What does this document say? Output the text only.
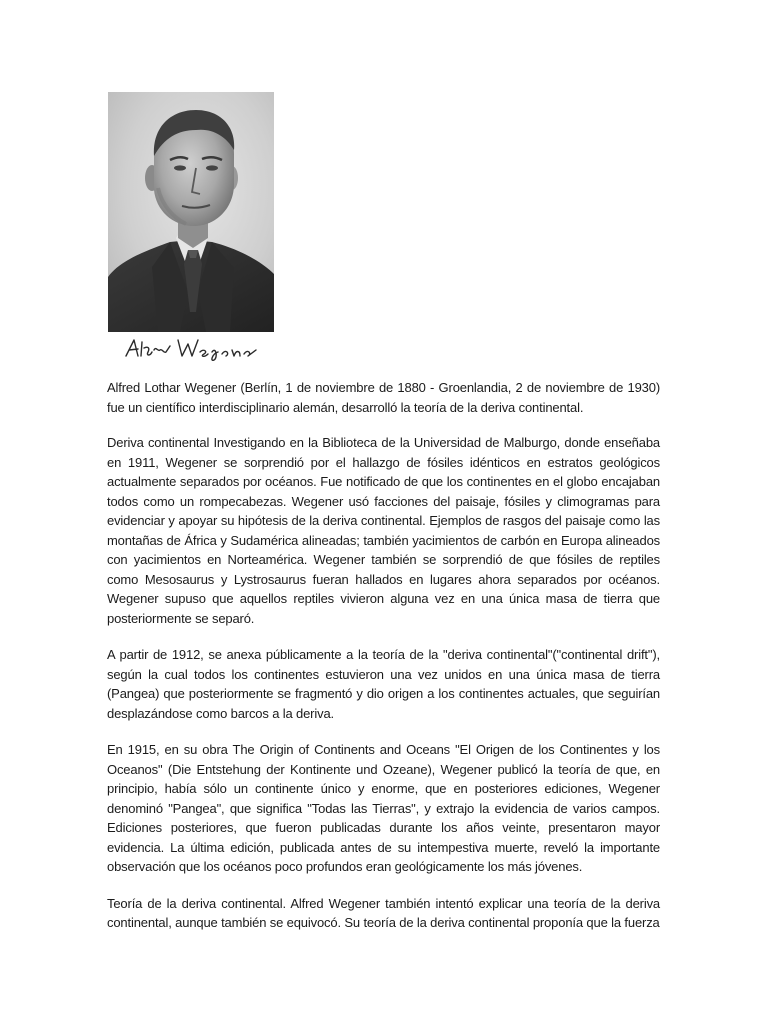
Alfred Lothar Wegener (Berlín, 1 de noviembre de 1880 - Groenlandia, 2 de noviembre de 1930) fue un científico interdisciplinario alemán, desarrolló la teoría de la deriva continental.

Deriva continental Investigando en la Biblioteca de la Universidad de Malburgo, donde enseñaba en 1911, Wegener se sorprendió por el hallazgo de fósiles idénticos en estratos geológicos actualmente separados por océanos. Fue notificado de que los continentes en el globo encajaban todos como un rompecabezas. Wegener usó facciones del paisaje, fósiles y climogramas para evidenciar y apoyar su hipótesis de la deriva continental. Ejemplos de rasgos del paisaje como las montañas de África y Sudamérica alineadas; también yacimientos de carbón en Europa alineados con yacimientos en Norteamérica. Wegener también se sorprendió de que fósiles de reptiles como Mesosaurus y Lystrosaurus fueran hallados en lugares ahora separados por océanos. Wegener supuso que aquellos reptiles vivieron alguna vez en una única masa de tierra que posteriormente se separó.

A partir de 1912, se anexa públicamente a la teoría de la "deriva continental"("continental drift"), según la cual todos los continentes estuvieron una vez unidos en una única masa de tierra (Pangea) que posteriormente se fragmentó y dio origen a los continentes actuales, que seguirían desplazándose como barcos a la deriva.

En 1915, en su obra The Origin of Continents and Oceans "El Origen de los Continentes y los Oceanos" (Die Entstehung der Kontinente und Ozeane), Wegener publicó la teoría de que, en principio, había sólo un continente único y enorme, que en posteriores ediciones, Wegener denominó "Pangea", que significa "Todas las Tierras", y extrajo la evidencia de varios campos. Ediciones posteriores, que fueron publicadas durante los años veinte, presentaron mayor evidencia. La última edición, publicada antes de su intempestiva muerte, reveló la importante observación que los océanos poco profundos eran geológicamente los más jóvenes.

Teoría de la deriva continental. Alfred Wegener también intentó explicar una teoría de la deriva continental, aunque también se equivocó. Su teoría de la deriva continental proponía que la fuerza
